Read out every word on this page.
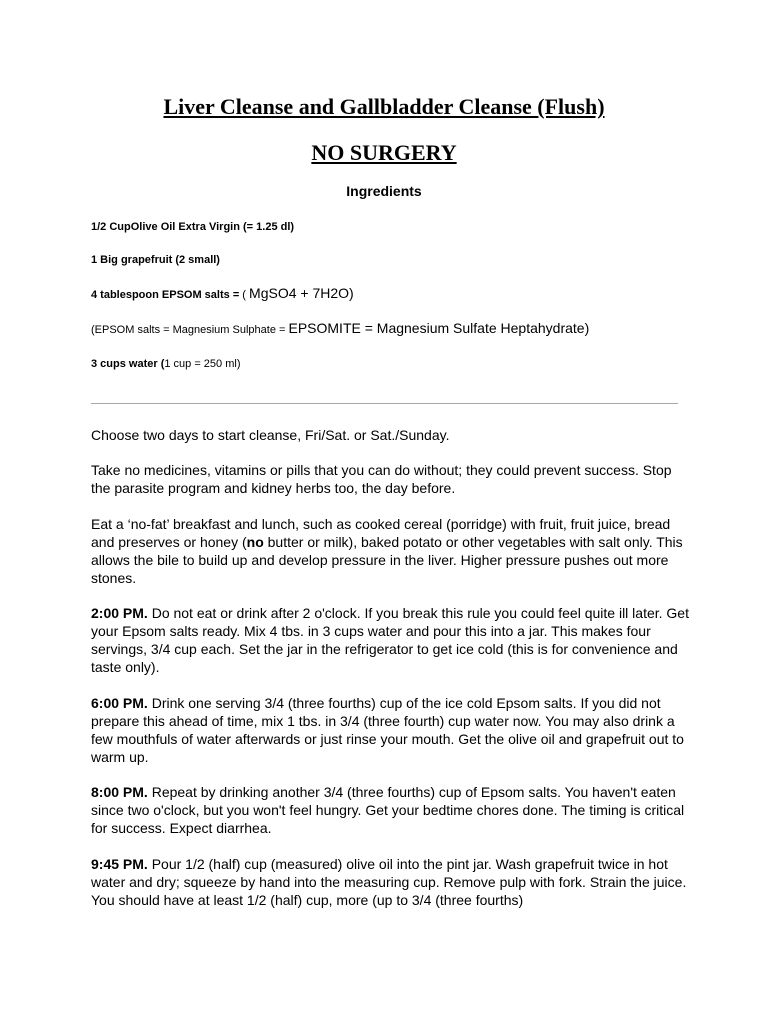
Liver Cleanse and Gallbladder Cleanse (Flush)
NO SURGERY
Ingredients

1/2 CupOlive Oil Extra Virgin (= 1.25 dl)

1 Big grapefruit (2 small)

4 tablespoon EPSOM salts = ( MgSO4 + 7H2O)

(EPSOM salts = Magnesium Sulphate = EPSOMITE = Magnesium Sulfate Heptahydrate)

3 cups water (1 cup = 250 ml)

Choose two days to start cleanse, Fri/Sat. or Sat./Sunday.

Take no medicines, vitamins or pills that you can do without; they could prevent success. Stop the parasite program and kidney herbs too, the day before.

Eat a ‘no-fat’ breakfast and lunch, such as cooked cereal (porridge) with fruit, fruit juice, bread and preserves or honey (no butter or milk), baked potato or other vegetables with salt only. This allows the bile to build up and develop pressure in the liver. Higher pressure pushes out more stones.

2:00 PM. Do not eat or drink after 2 o'clock. If you break this rule you could feel quite ill later. Get your Epsom salts ready. Mix 4 tbs. in 3 cups water and pour this into a jar. This makes four servings, 3/4 cup each. Set the jar in the refrigerator to get ice cold (this is for convenience and taste only).

6:00 PM. Drink one serving 3/4 (three fourths) cup of the ice cold Epsom salts. If you did not prepare this ahead of time, mix 1 tbs. in 3/4 (three fourth) cup water now. You may also drink a few mouthfuls of water afterwards or just rinse your mouth. Get the olive oil and grapefruit out to warm up.

8:00 PM. Repeat by drinking another 3/4 (three fourths) cup of Epsom salts. You haven't eaten since two o'clock, but you won't feel hungry. Get your bedtime chores done. The timing is critical for success. Expect diarrhea.

9:45 PM. Pour 1/2 (half) cup (measured) olive oil into the pint jar. Wash grapefruit twice in hot water and dry; squeeze by hand into the measuring cup. Remove pulp with fork. Strain the juice. You should have at least 1/2 (half) cup, more (up to 3/4 (three fourths)
